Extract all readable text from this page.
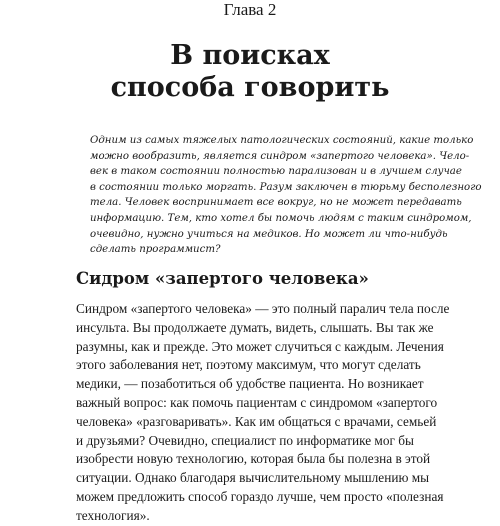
Глава 2
В поисках
способа говорить
Одним из самых тяжелых патологических состояний, какие только
можно вообразить, является синдром «запертого человека». Чело-
век в таком состоянии полностью парализован и в лучшем случае
в состоянии только моргать. Разум заключен в тюрьму бесполезного
тела. Человек воспринимает все вокруг, но не может передавать
информацию. Тем, кто хотел бы помочь людям с таким синдромом,
очевидно, нужно учиться на медиков. Но может ли что-нибудь
сделать программист?
Сидром «запертого человека»
Синдром «запертого человека» — это полный паралич тела после
инсульта. Вы продолжаете думать, видеть, слышать. Вы так же
разумны, как и прежде. Это может случиться с каждым. Лечения
этого заболевания нет, поэтому максимум, что могут сделать
медики, — позаботиться об удобстве пациента. Но возникает
важный вопрос: как помочь пациентам с синдромом «запертого
человека» «разговаривать». Как им общаться с врачами, семьей
и друзьями? Очевидно, специалист по информатике мог бы
изобрести новую технологию, которая была бы полезна в этой
ситуации. Однако благодаря вычислительному мышлению мы
можем предложить способ гораздо лучше, чем просто «полезная
технология».
